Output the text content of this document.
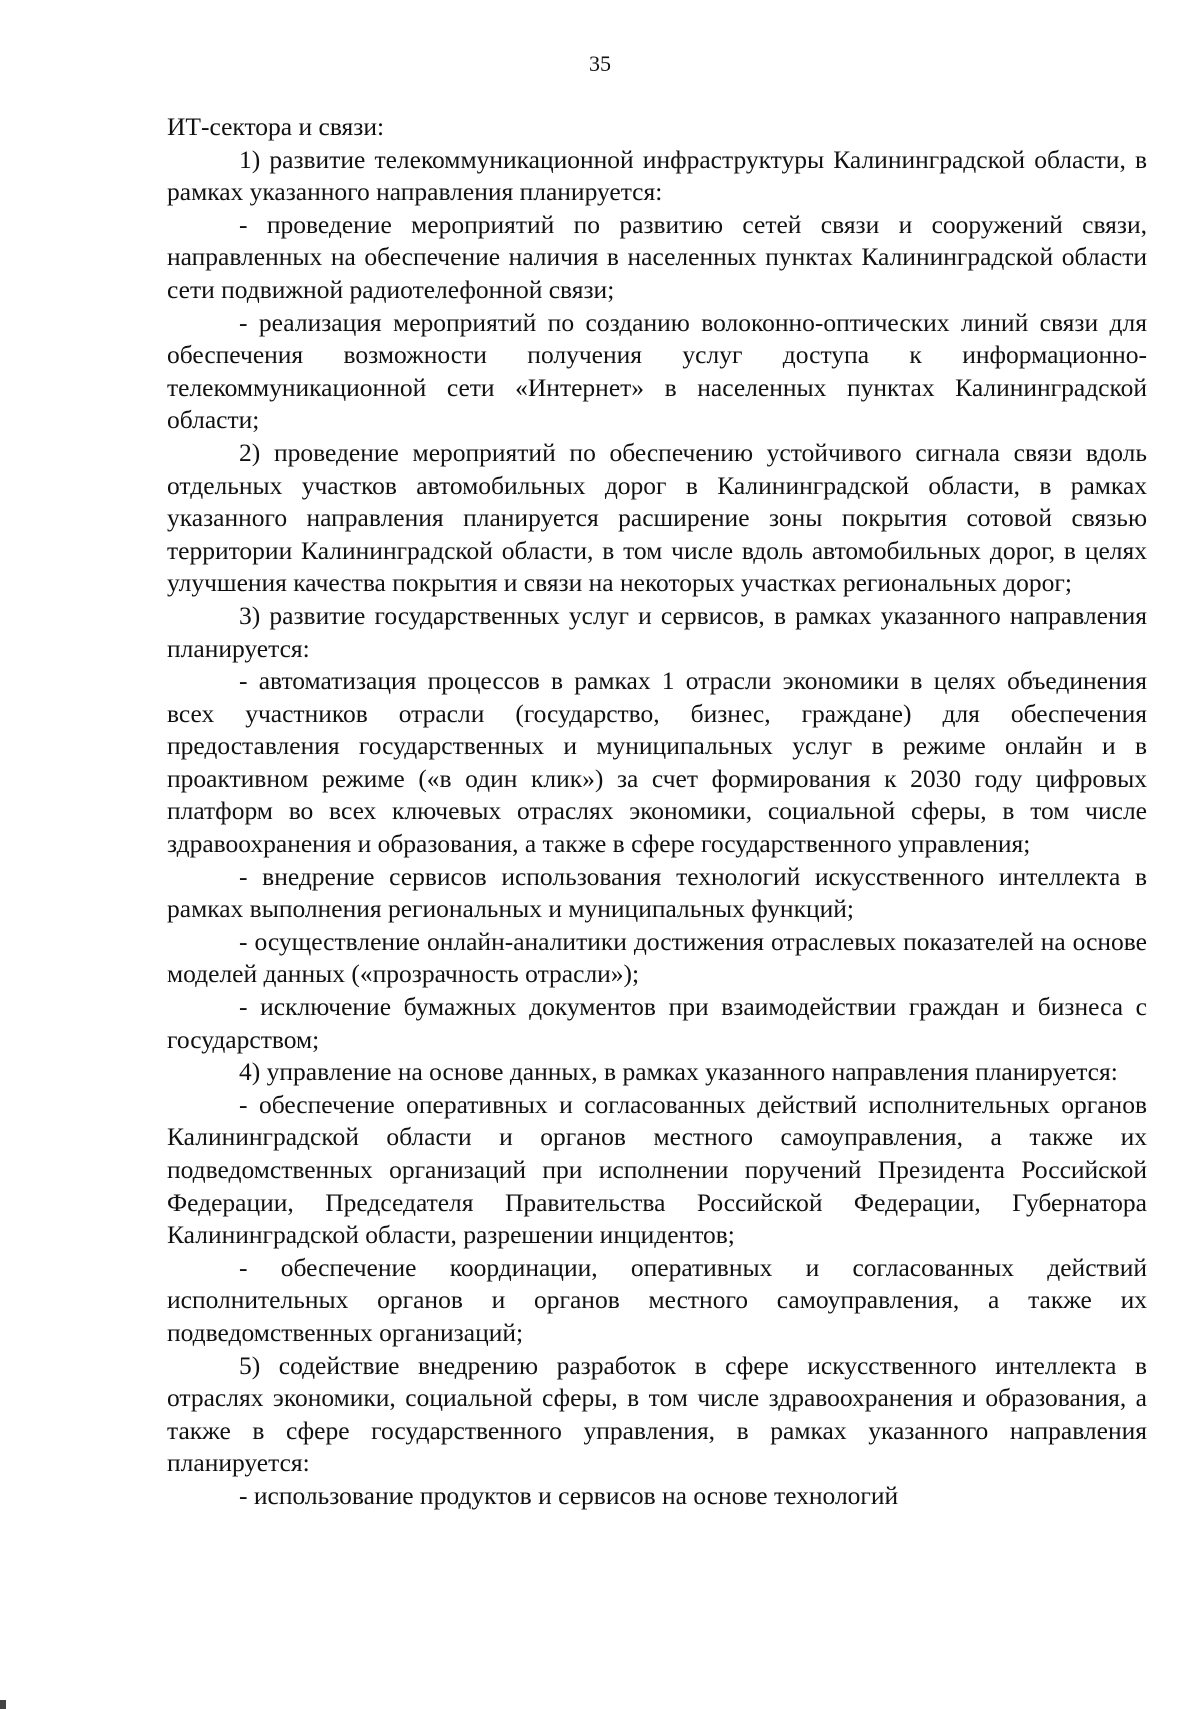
35

ИТ-сектора и связи:

1) развитие телекоммуникационной инфраструктуры Калининградской области, в рамках указанного направления планируется:

- проведение мероприятий по развитию сетей связи и сооружений связи, направленных на обеспечение наличия в населенных пунктах Калининградской области сети подвижной радиотелефонной связи;

- реализация мероприятий по созданию волоконно-оптических линий связи для обеспечения возможности получения услуг доступа к информационно-телекоммуникационной сети «Интернет» в населенных пунктах Калининградской области;

2) проведение мероприятий по обеспечению устойчивого сигнала связи вдоль отдельных участков автомобильных дорог в Калининградской области, в рамках указанного направления планируется расширение зоны покрытия сотовой связью территории Калининградской области, в том числе вдоль автомобильных дорог, в целях улучшения качества покрытия и связи на некоторых участках региональных дорог;

3) развитие государственных услуг и сервисов, в рамках указанного направления планируется:

- автоматизация процессов в рамках 1 отрасли экономики в целях объединения всех участников отрасли (государство, бизнес, граждане) для обеспечения предоставления государственных и муниципальных услуг в режиме онлайн и в проактивном режиме («в один клик») за счет формирования к 2030 году цифровых платформ во всех ключевых отраслях экономики, социальной сферы, в том числе здравоохранения и образования, а также в сфере государственного управления;

- внедрение сервисов использования технологий искусственного интеллекта в рамках выполнения региональных и муниципальных функций;

- осуществление онлайн-аналитики достижения отраслевых показателей на основе моделей данных («прозрачность отрасли»);

- исключение бумажных документов при взаимодействии граждан и бизнеса с государством;

4) управление на основе данных, в рамках указанного направления планируется:

- обеспечение оперативных и согласованных действий исполнительных органов Калининградской области и органов местного самоуправления, а также их подведомственных организаций при исполнении поручений Президента Российской Федерации, Председателя Правительства Российской Федерации, Губернатора Калининградской области, разрешении инцидентов;

- обеспечение координации, оперативных и согласованных действий исполнительных органов и органов местного самоуправления, а также их подведомственных организаций;

5) содействие внедрению разработок в сфере искусственного интеллекта в отраслях экономики, социальной сферы, в том числе здравоохранения и образования, а также в сфере государственного управления, в рамках указанного направления планируется:

- использование продуктов и сервисов на основе технологий
